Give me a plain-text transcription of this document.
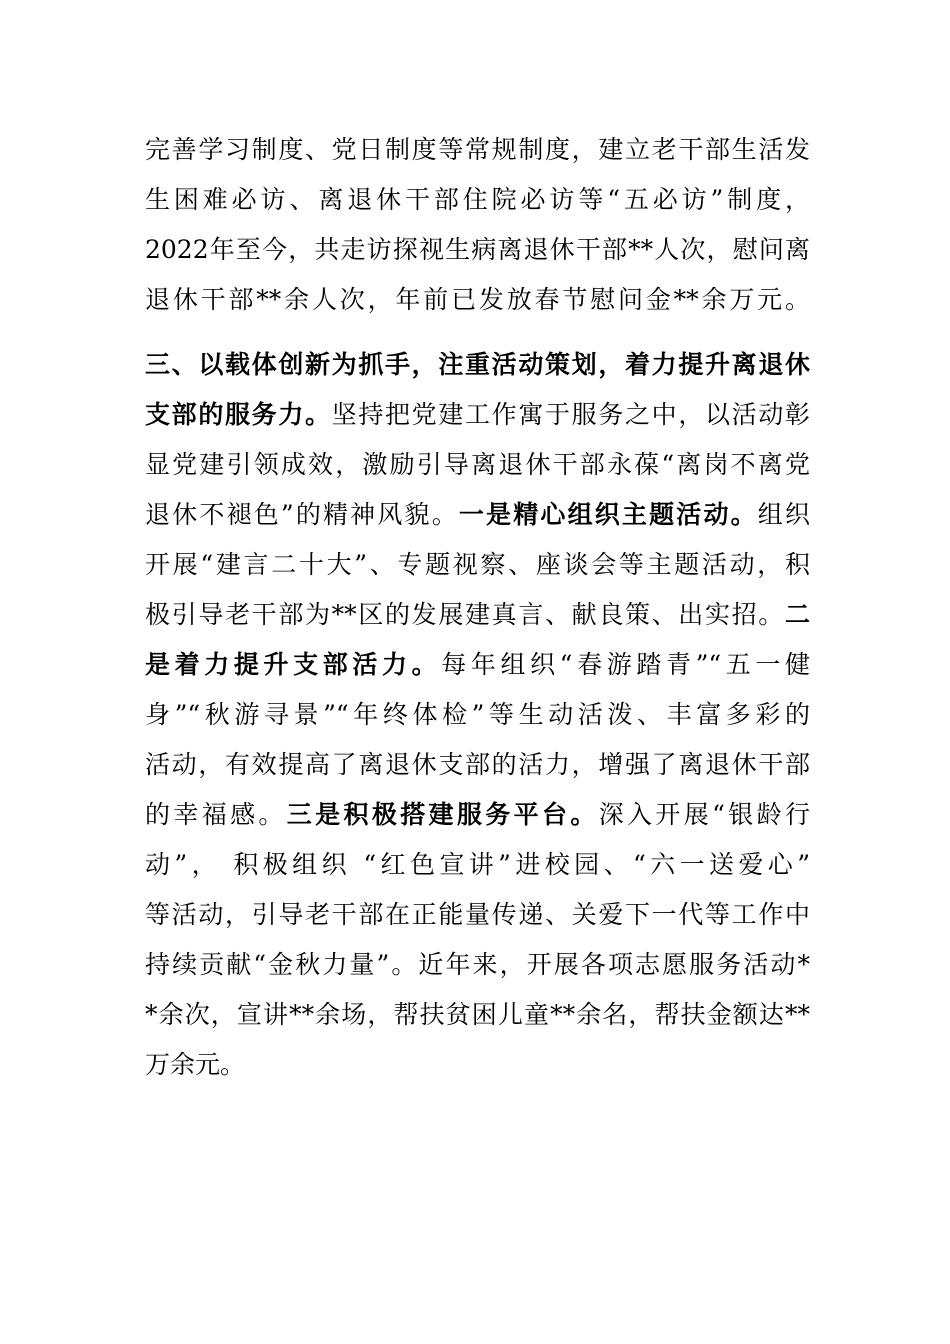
完善学习制度、党日制度等常规制度，建立老干部生活发
生困难必访、离退休干部住院必访等“五必访”制度，
2022年至今，共走访探视生病离退休干部**人次，慰问离
退休干部**余人次，年前已发放春节慰问金**余万元。
三、以载体创新为抓手，注重活动策划，着力提升离退休
支部的服务力。坚持把党建工作寓于服务之中，以活动彰
显党建引领成效，激励引导离退休干部永葆“离岗不离党
退休不褪色”的精神风貌。一是精心组织主题活动。组织
开展“建言二十大”、专题视察、座谈会等主题活动，积
极引导老干部为**区的发展建真言、献良策、出实招。二
是着力提升支部活力。每年组织“春游踏青”“五一健
身”“秋游寻景”“年终体检”等生动活泼、丰富多彩的
活动，有效提高了离退休支部的活力，增强了离退休干部
的幸福感。三是积极搭建服务平台。深入开展“银龄行
动”， 积极组织 “红色宣讲”进校园、“六一送爱心”
等活动，引导老干部在正能量传递、关爱下一代等工作中
持续贡献“金秋力量”。近年来，开展各项志愿服务活动*
*余次，宣讲**余场，帮扶贫困儿童**余名，帮扶金额达**
万余元。
